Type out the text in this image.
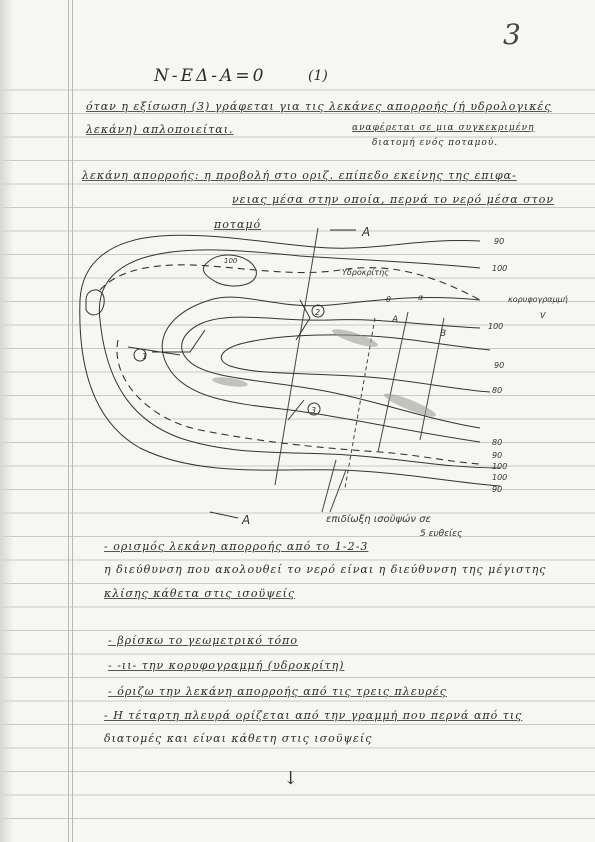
3
N-EΔ-A=0	(1)
όταν η εξίσωση (3) γράφεται για τις λεκάνες απορροής (ή υδρολογικές
λεκάνη) απλοποιείται.	αναφέρεται σε μια συγκεκριμένη
διατομή ενός ποταμού.
λεκάνη απορροής: η προβολή στο οριζ. επίπεδο εκείνης της επιφα-
νειας μέσα στην οποία, περνά το νερό μέσα στον
ποταμό
1
2
3
A
A
Υδροκρίτης
κορυφογραμμή
V
A
B
θ	α
100
90
100
100
90
80
80
90
100
100
90
επιδίωξη ισοϋψών σε
5 ευθείες
- ορισμός λεκάνη απορροής από το 1-2-3
η διεύθυνση που ακολουθεί το νερό είναι η διεύθυνση της μέγιστης
κλίσης κάθετα στις ισοϋψείς
- βρίσκω το γεωμετρικό τόπο
- -ιι- την κορυφογραμμή (υδροκρίτη)
- όριζω την λεκάνη απορροής από τις τρεις πλευρές
- Η τέταρτη πλευρά ορίζεται από την γραμμή που περνά από τις
διατομές και είναι κάθετη στις ισοϋψείς
↓
